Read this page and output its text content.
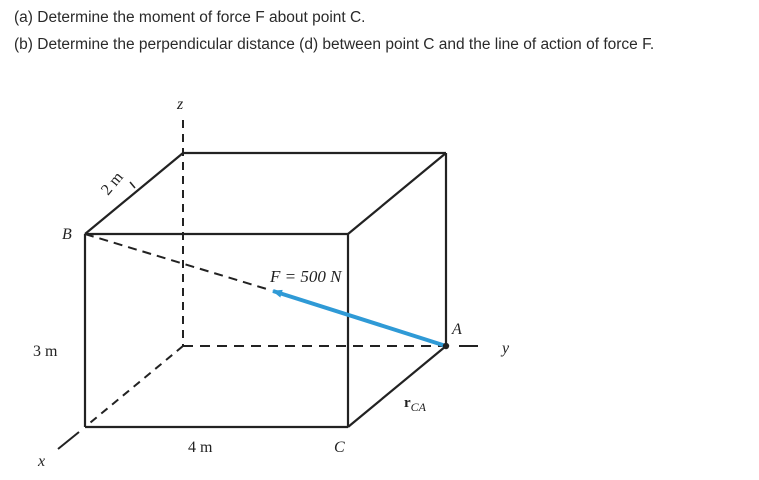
(a) Determine the moment of force F about point C.
(b) Determine the perpendicular distance (d) between point C and the line of action of force F.
z
x
y
A
B
C
2 m
3 m
4 m
F = 500 N
$r_{CA}$
